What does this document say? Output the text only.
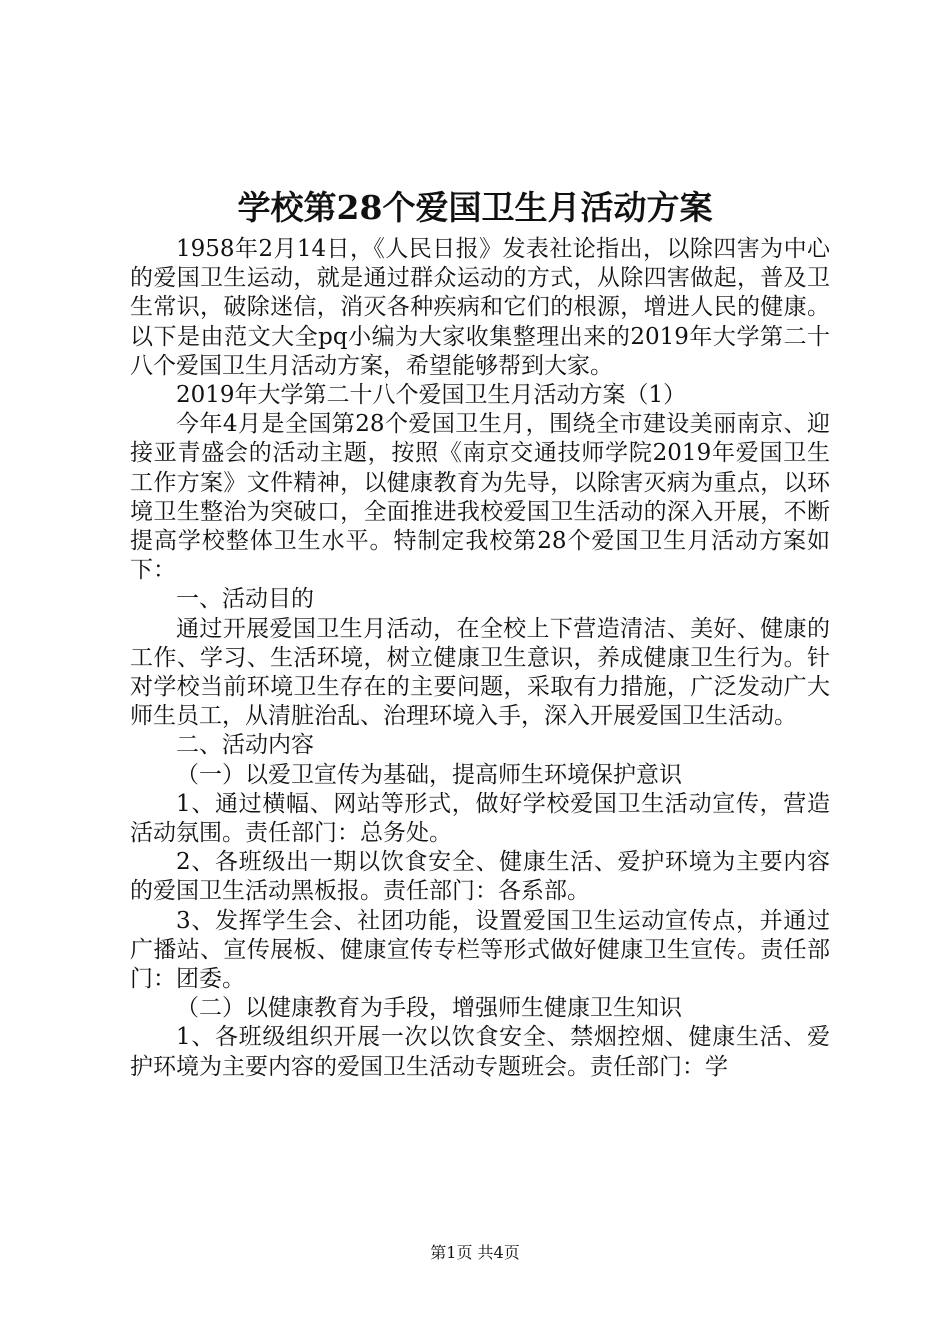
学校第28个爱国卫生月活动方案

1958年2月14日，《人民日报》发表社论指出，以除四害为中心的爱国卫生运动，就是通过群众运动的方式，从除四害做起，普及卫生常识，破除迷信，消灭各种疾病和它们的根源，增进人民的健康。以下是由范文大全pq小编为大家收集整理出来的2019年大学第二十八个爱国卫生月活动方案，希望能够帮到大家。

2019年大学第二十八个爱国卫生月活动方案（1）

今年4月是全国第28个爱国卫生月，围绕全市建设美丽南京、迎接亚青盛会的活动主题，按照《南京交通技师学院2019年爱国卫生工作方案》文件精神，以健康教育为先导，以除害灭病为重点，以环境卫生整治为突破口，全面推进我校爱国卫生活动的深入开展，不断提高学校整体卫生水平。特制定我校第28个爱国卫生月活动方案如下：

一、活动目的

通过开展爱国卫生月活动，在全校上下营造清洁、美好、健康的工作、学习、生活环境，树立健康卫生意识，养成健康卫生行为。针对学校当前环境卫生存在的主要问题，采取有力措施，广泛发动广大师生员工，从清脏治乱、治理环境入手，深入开展爱国卫生活动。

二、活动内容

（一）以爱卫宣传为基础，提高师生环境保护意识

1、通过横幅、网站等形式，做好学校爱国卫生活动宣传，营造活动氛围。责任部门：总务处。

2、各班级出一期以饮食安全、健康生活、爱护环境为主要内容的爱国卫生活动黑板报。责任部门：各系部。

3、发挥学生会、社团功能，设置爱国卫生运动宣传点，并通过广播站、宣传展板、健康宣传专栏等形式做好健康卫生宣传。责任部门：团委。

（二）以健康教育为手段，增强师生健康卫生知识

1、各班级组织开展一次以饮食安全、禁烟控烟、健康生活、爱护环境为主要内容的爱国卫生活动专题班会。责任部门：学

第1页 共4页
